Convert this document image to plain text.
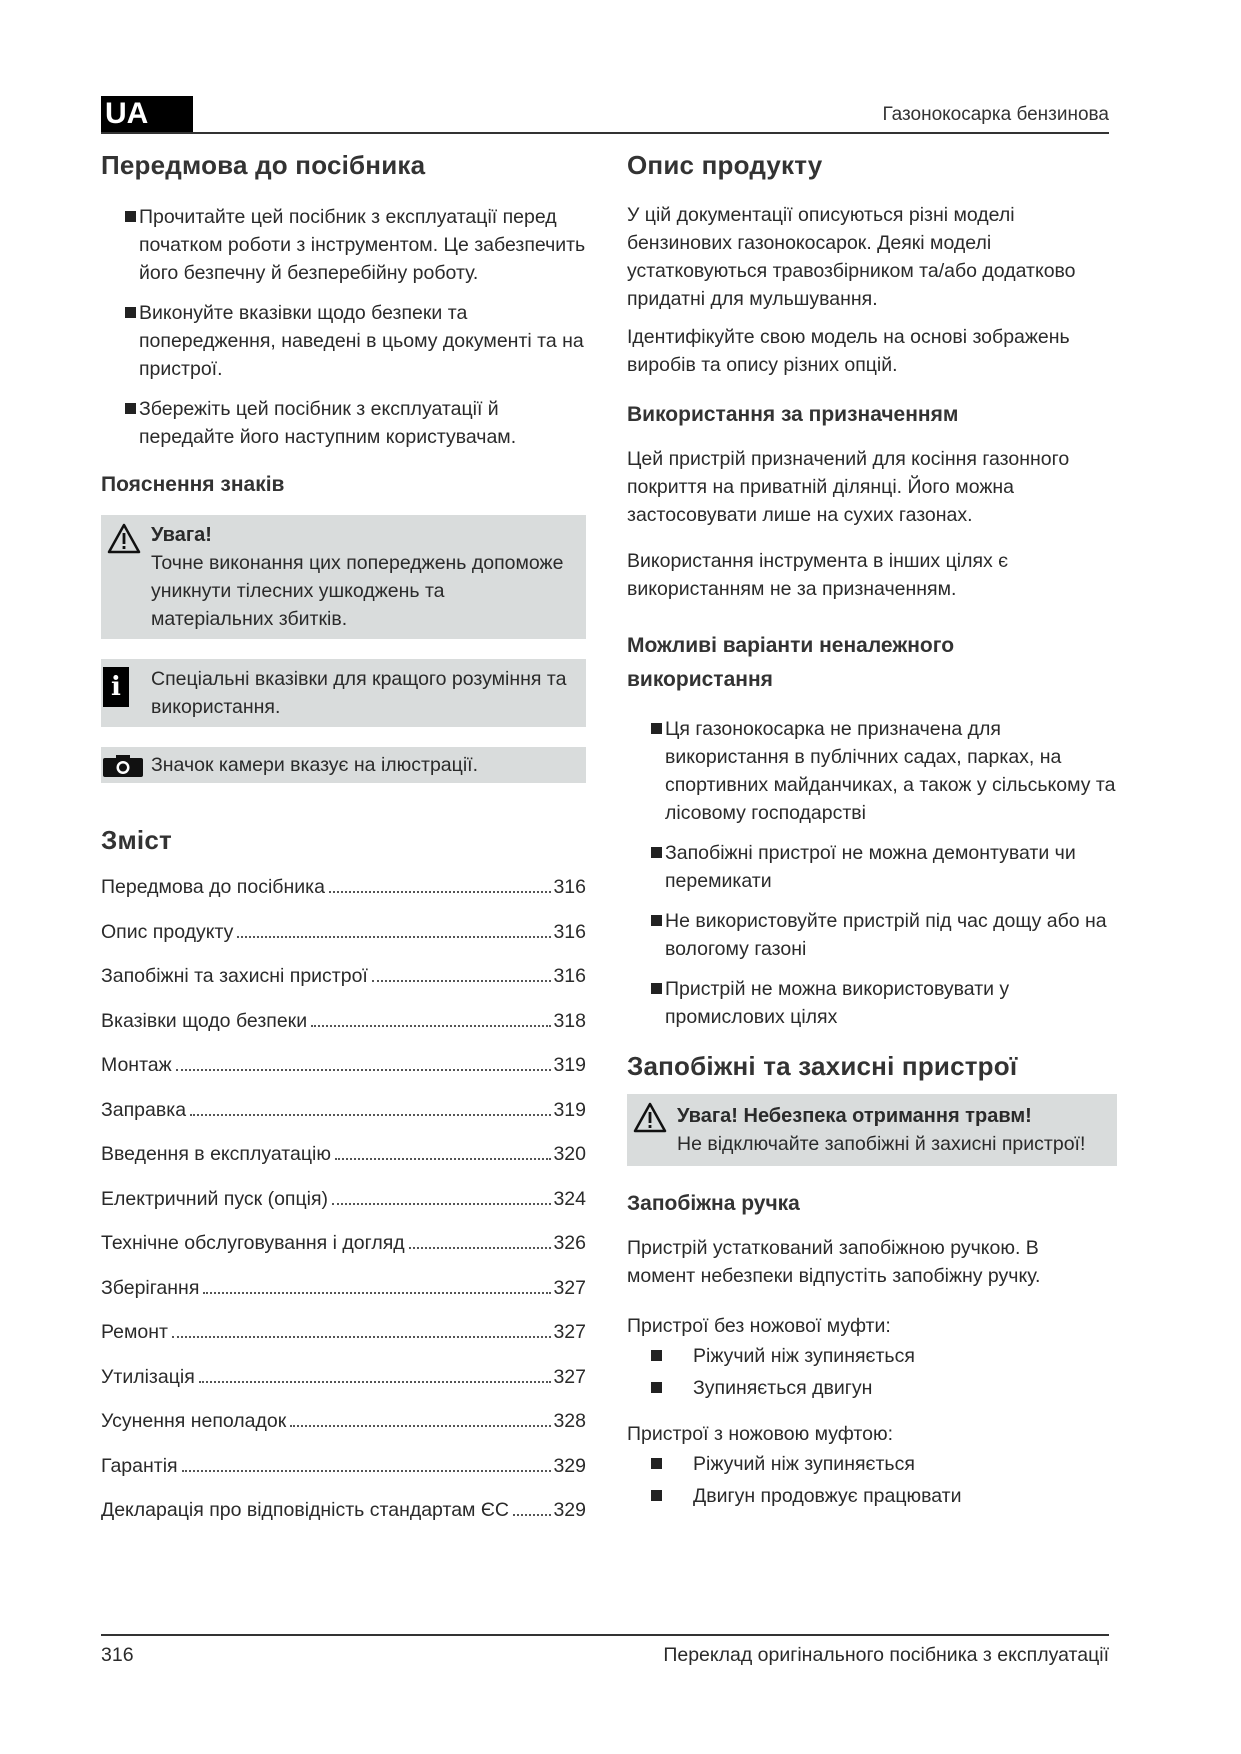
UA	Газонокосарка бензинова
Передмова до посібника
Прочитайте цей посібник з експлуатації перед початком роботи з інструментом. Це забезпечить його безпечну й безперебійну роботу.
Виконуйте вказівки щодо безпеки та попередження, наведені в цьому документі та на пристрої.
Збережіть цей посібник з експлуатації й передайте його наступним користувачам.
Пояснення знаків
Увага!

Точне виконання цих попереджень допоможе уникнути тілесних ушкоджень та матеріальних збитків.

i	Спеціальні вказівки для кращого розуміння та використання.

Значок камери вказує на ілюстрації.

Зміст
Передмова до посібника	316
Опис продукту	316
Запобіжні та захисні пристрої	316
Вказівки щодо безпеки	318
Монтаж	319
Заправка	319
Введення в експлуатацію	320
Електричний пуск (опція)	324
Технічне обслуговування і догляд	326
Зберігання	327
Ремонт	327
Утилізація	327
Усунення неполадок	328
Гарантія	329
Декларація про відповідність стандартам ЄС 329
Опис продукту

У цій документації описуються різні моделі бензинових газонокосарок. Деякі моделі устатковуються травозбірником та/або додатково придатні для мульшування.

Ідентифікуйте свою модель на основі зображень виробів та опису різних опцій.

Використання за призначенням

Цей пристрій призначений для косіння газонного покриття на приватній ділянці. Його можна застосовувати лише на сухих газонах.

Використання інструмента в інших цілях є використанням не за призначенням.

Можливі варіанти неналежного використання
Ця газонокосарка не призначена для використання в публічних садах, парках, на спортивних майданчиках, а також у сільському та лісовому господарстві
Запобіжні пристрої не можна демонтувати чи перемикати
Не використовуйте пристрій під час дощу або на вологому газоні
Пристрій не можна використовувати у промислових цілях
Запобіжні та захисні пристрої
Увага! Небезпека отримання травм!

Не відключайте запобіжні й захисні пристрої!

Запобіжна ручка

Пристрій устаткований запобіжною ручкою. В момент небезпеки відпустіть запобіжну ручку.

Пристрої без ножової муфти:

Ріжучий ніж зупиняється
Зупиняється двигун

Пристрої з ножовою муфтою:

Ріжучий ніж зупиняється
Двигун продовжує працювати
316	Переклад оригінального посібника з експлуатації
